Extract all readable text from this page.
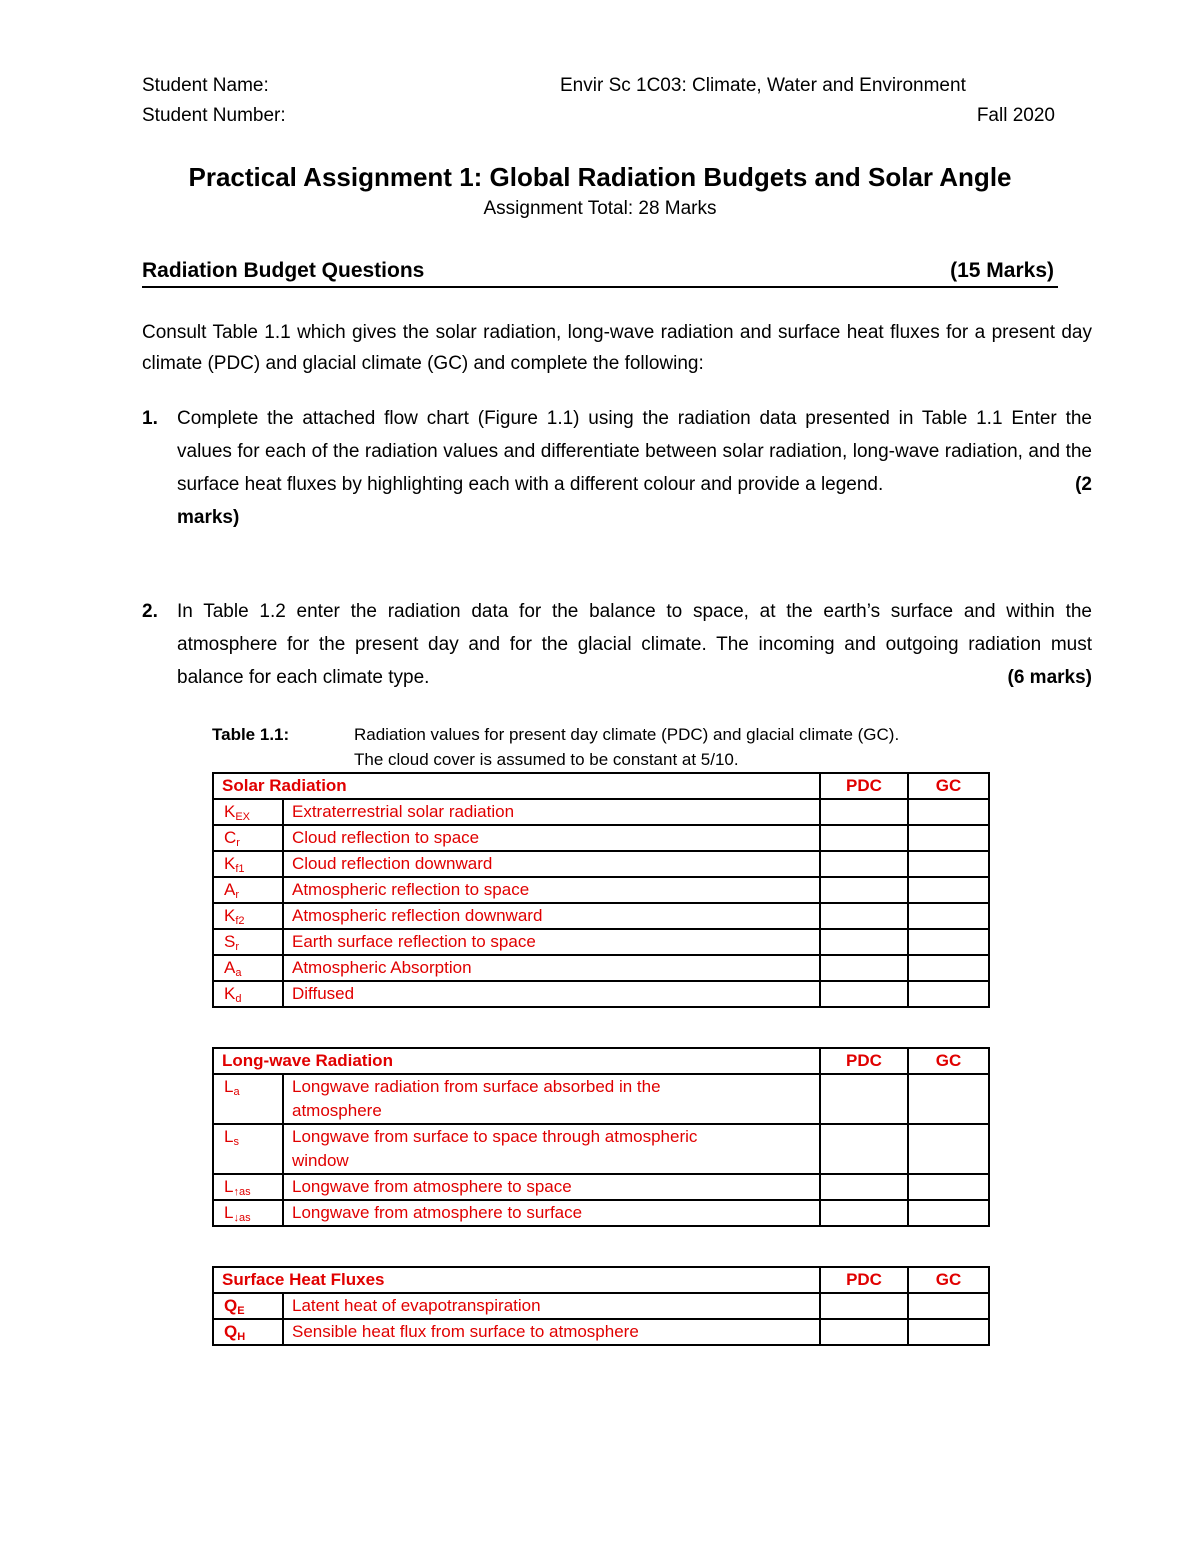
Student Name:
Student Number:
Envir Sc 1C03: Climate, Water and Environment
Fall 2020
Practical Assignment 1: Global Radiation Budgets and Solar Angle
Assignment Total: 28 Marks
Radiation Budget Questions	(15 Marks)
Consult Table 1.1 which gives the solar radiation, long-wave radiation and surface heat fluxes for a present day climate (PDC) and glacial climate (GC) and complete the following:
1. Complete the attached flow chart (Figure 1.1) using the radiation data presented in Table 1.1 Enter the values for each of the radiation values and differentiate between solar radiation, long-wave radiation, and the surface heat fluxes by highlighting each with a different colour and provide a legend.	(2
marks)
2. In Table 1.2 enter the radiation data for the balance to space, at the earth’s surface and within the atmosphere for the present day and for the glacial climate. The incoming and outgoing radiation must balance for each climate type.	(6 marks)
Table 1.1:	Radiation values for present day climate (PDC) and glacial climate (GC).
The cloud cover is assumed to be constant at 5/10.
Solar Radiation		PDC	GC
$K_{EX}$	Extraterrestrial solar radiation		
$C_r$	Cloud reflection to space		
$K_{f1}$	Cloud reflection downward		
$A_r$	Atmospheric reflection to space		
$K_{f2}$	Atmospheric reflection downward		
$S_r$	Earth surface reflection to space		
$A_a$	Atmospheric Absorption		
$K_d$	Diffused		
Long-wave Radiation		PDC	GC
$L_a$	Longwave radiation from surface absorbed in the
atmosphere		

$L_s$	Longwave from surface to space through atmospheric
window		

$L_{↑as}$	Longwave from atmosphere to space		
$L_{↓as}$	Longwave from atmosphere to surface		
Surface Heat Fluxes		PDC	GC
$Q_E$	Latent heat of evapotranspiration		
$Q_H$	Sensible heat flux from surface to atmosphere		
